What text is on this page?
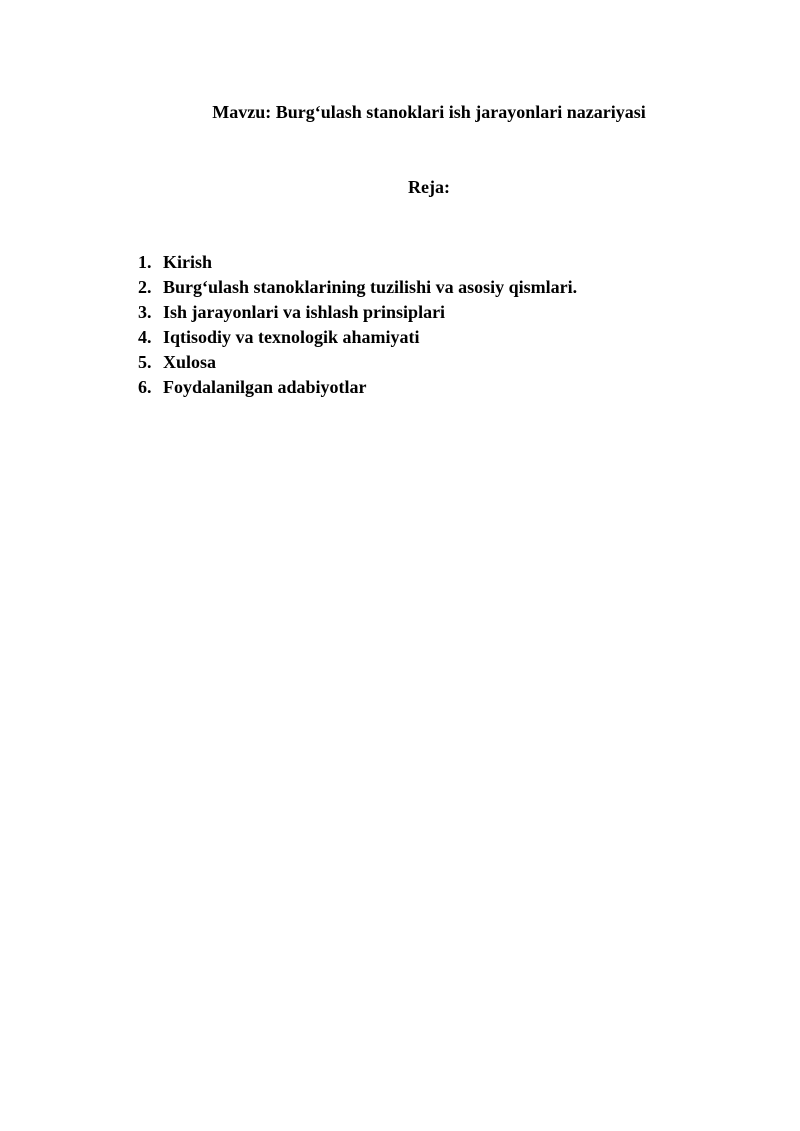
Mavzu: Burg‘ulash stanoklari ish jarayonlari nazariyasi
Reja:
1. Kirish
2. Burg‘ulash stanoklarining tuzilishi va asosiy qismlari.
3. Ish jarayonlari va ishlash prinsiplari
4. Iqtisodiy va texnologik ahamiyati
5. Xulosa
6. Foydalanilgan adabiyotlar
